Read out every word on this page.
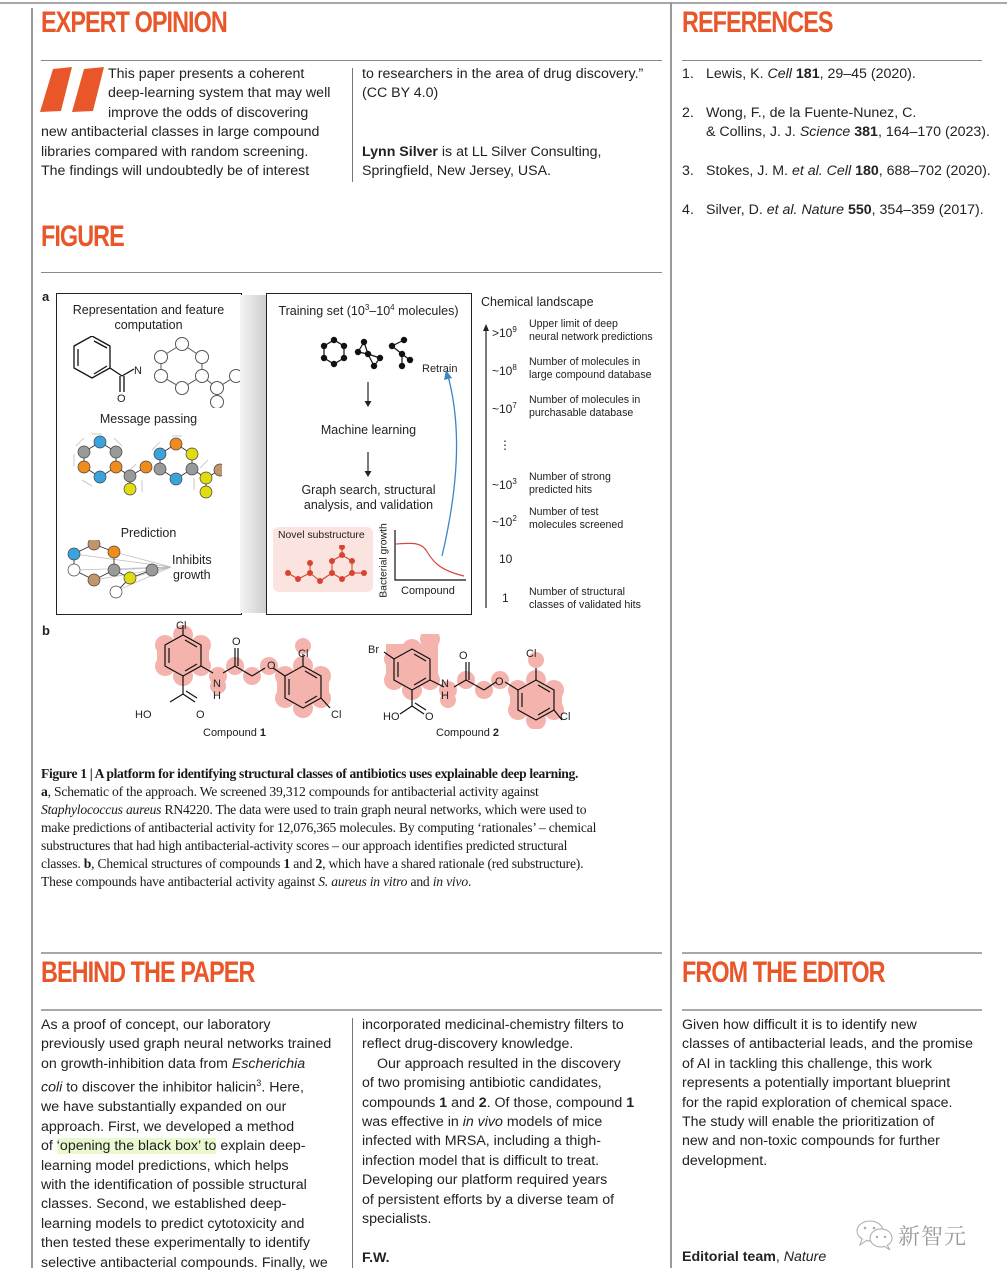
EXPERT OPINION
This paper presents a coherent
deep-learning system that may well
improve the odds of discovering
new antibacterial classes in large compound
libraries compared with random screening.
The findings will undoubtedly be of interest
to researchers in the area of drug discovery.”
(CC BY 4.0)
Lynn Silver is at LL Silver Consulting,
Springfield, New Jersey, USA.
REFERENCES
1. Lewis, K. Cell 181, 29–45 (2020).
2. Wong, F., de la Fuente-Nunez, C.
& Collins, J. J. Science 381, 164–170 (2023).
3. Stokes, J. M. et al. Cell 180, 688–702 (2020).
4. Silver, D. et al. Nature 550, 354–359 (2017).
FIGURE
a
Representation and feature
computation
N
O
Message passing
Prediction
Inhibits
growth
Training set ($10^3-10^4$ molecules)
Retrain
Machine learning
Graph search, structural
analysis, and validation
Novel substructure Bacterial growth Compound
Chemical landscape
$>10^9$ Upper limit of deep
neural network predictions
$\sim 10^8$ Number of molecules in
large compound database
$\sim 10^7$ Number of molecules in
purchasable database
⋮
$\sim 10^3$ Number of strong
predicted hits
$\sim 10^2$
Number of test
molecules screened
10
1 Number of structural
classes of validated hits
b	Cl
N
H
O
O
Cl
Cl
HO	O
Compound 1
Br
N
H
O
O
Cl
Cl
HO O
Compound 2
Figure 1 | A platform for identifying structural classes of antibiotics uses explainable deep learning.
a, Schematic of the approach. We screened 39,312 compounds for antibacterial activity against
Staphylococcus aureus RN4220. The data were used to train graph neural networks, which were used to
make predictions of antibacterial activity for 12,076,365 molecules. By computing ‘rationales’ – chemical
substructures that had high antibacterial-activity scores – our approach identifies predicted structural
classes. b, Chemical structures of compounds 1 and 2, which have a shared rationale (red substructure).
These compounds have antibacterial activity against S. aureus in vitro and in vivo.
BEHIND THE PAPER
As a proof of concept, our laboratory
previously used graph neural networks trained
on growth-inhibition data from Escherichia
coli to discover the inhibitor halicin$^3$. Here,
we have substantially expanded on our
approach. First, we developed a method
of ‘opening the black box’ to explain deep-
learning model predictions, which helps
with the identification of possible structural
classes. Second, we established deep-
learning models to predict cytotoxicity and
then tested these experimentally to identify
selective antibacterial compounds. Finally, we
incorporated medicinal-chemistry filters to
reflect drug-discovery knowledge.
Our approach resulted in the discovery
of two promising antibiotic candidates,
compounds 1 and 2. Of those, compound 1
was effective in in vivo models of mice
infected with MRSA, including a thigh-
infection model that is difficult to treat.
Developing our platform required years
of persistent efforts by a diverse team of
specialists.
F.W.
FROM THE EDITOR
Given how difficult it is to identify new
classes of antibacterial leads, and the promise
of AI in tackling this challenge, this work
represents a potentially important blueprint
for the rapid exploration of chemical space.
The study will enable the prioritization of
new and non-toxic compounds for further
development.
Editorial team, Nature
新智元
